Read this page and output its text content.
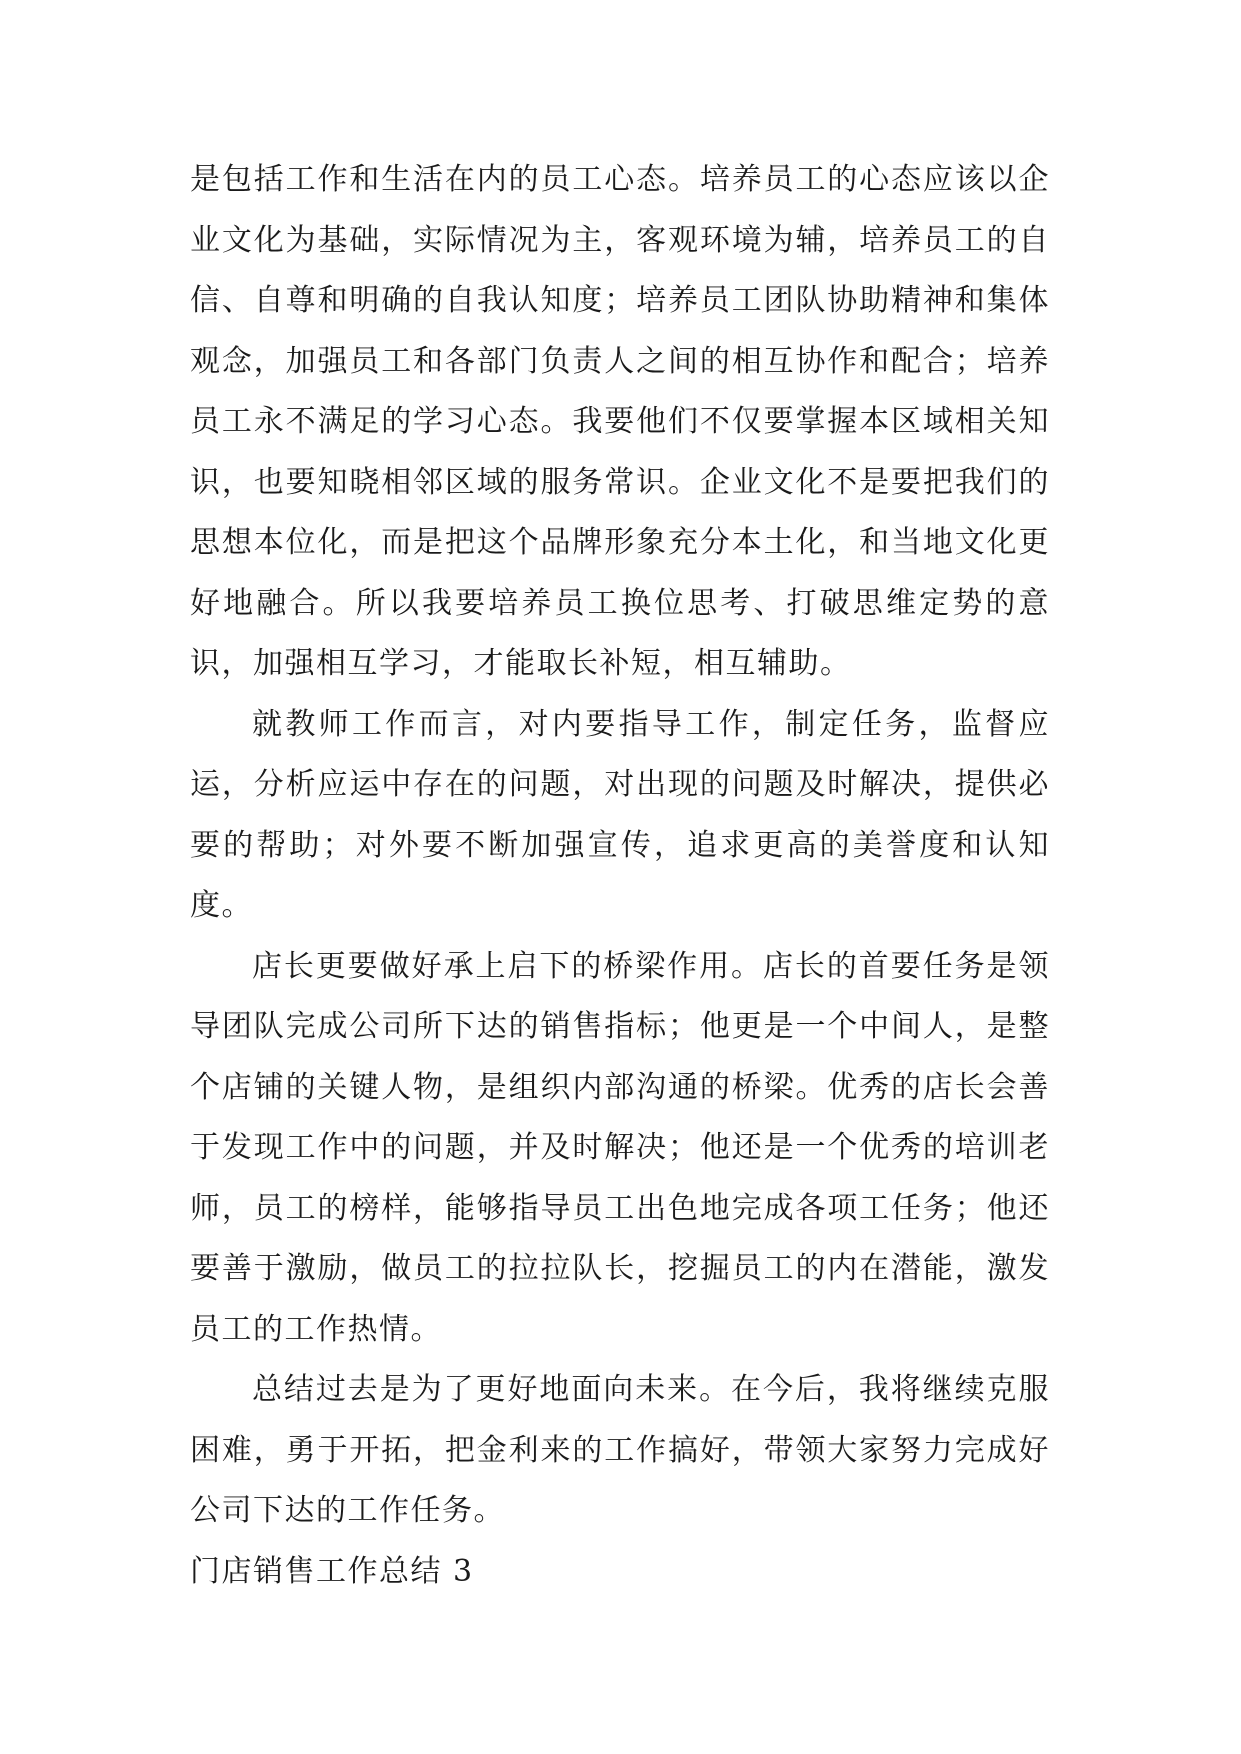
是包括工作和生活在内的员工心态。培养员工的心态应该以企业文化为基础，实际情况为主，客观环境为辅，培养员工的自信、自尊和明确的自我认知度；培养员工团队协助精神和集体观念，加强员工和各部门负责人之间的相互协作和配合；培养员工永不满足的学习心态。我要他们不仅要掌握本区域相关知识，也要知晓相邻区域的服务常识。企业文化不是要把我们的思想本位化，而是把这个品牌形象充分本土化，和当地文化更好地融合。所以我要培养员工换位思考、打破思维定势的意识，加强相互学习，才能取长补短，相互辅助。

就教师工作而言，对内要指导工作，制定任务，监督应运，分析应运中存在的问题，对出现的问题及时解决，提供必要的帮助；对外要不断加强宣传，追求更高的美誉度和认知度。

店长更要做好承上启下的桥梁作用。店长的首要任务是领导团队完成公司所下达的销售指标；他更是一个中间人，是整个店铺的关键人物，是组织内部沟通的桥梁。优秀的店长会善于发现工作中的问题，并及时解决；他还是一个优秀的培训老师，员工的榜样，能够指导员工出色地完成各项工任务；他还要善于激励，做员工的拉拉队长，挖掘员工的内在潜能，激发员工的工作热情。

总结过去是为了更好地面向未来。在今后，我将继续克服困难，勇于开拓，把金利来的工作搞好，带领大家努力完成好公司下达的工作任务。

门店销售工作总结 3
